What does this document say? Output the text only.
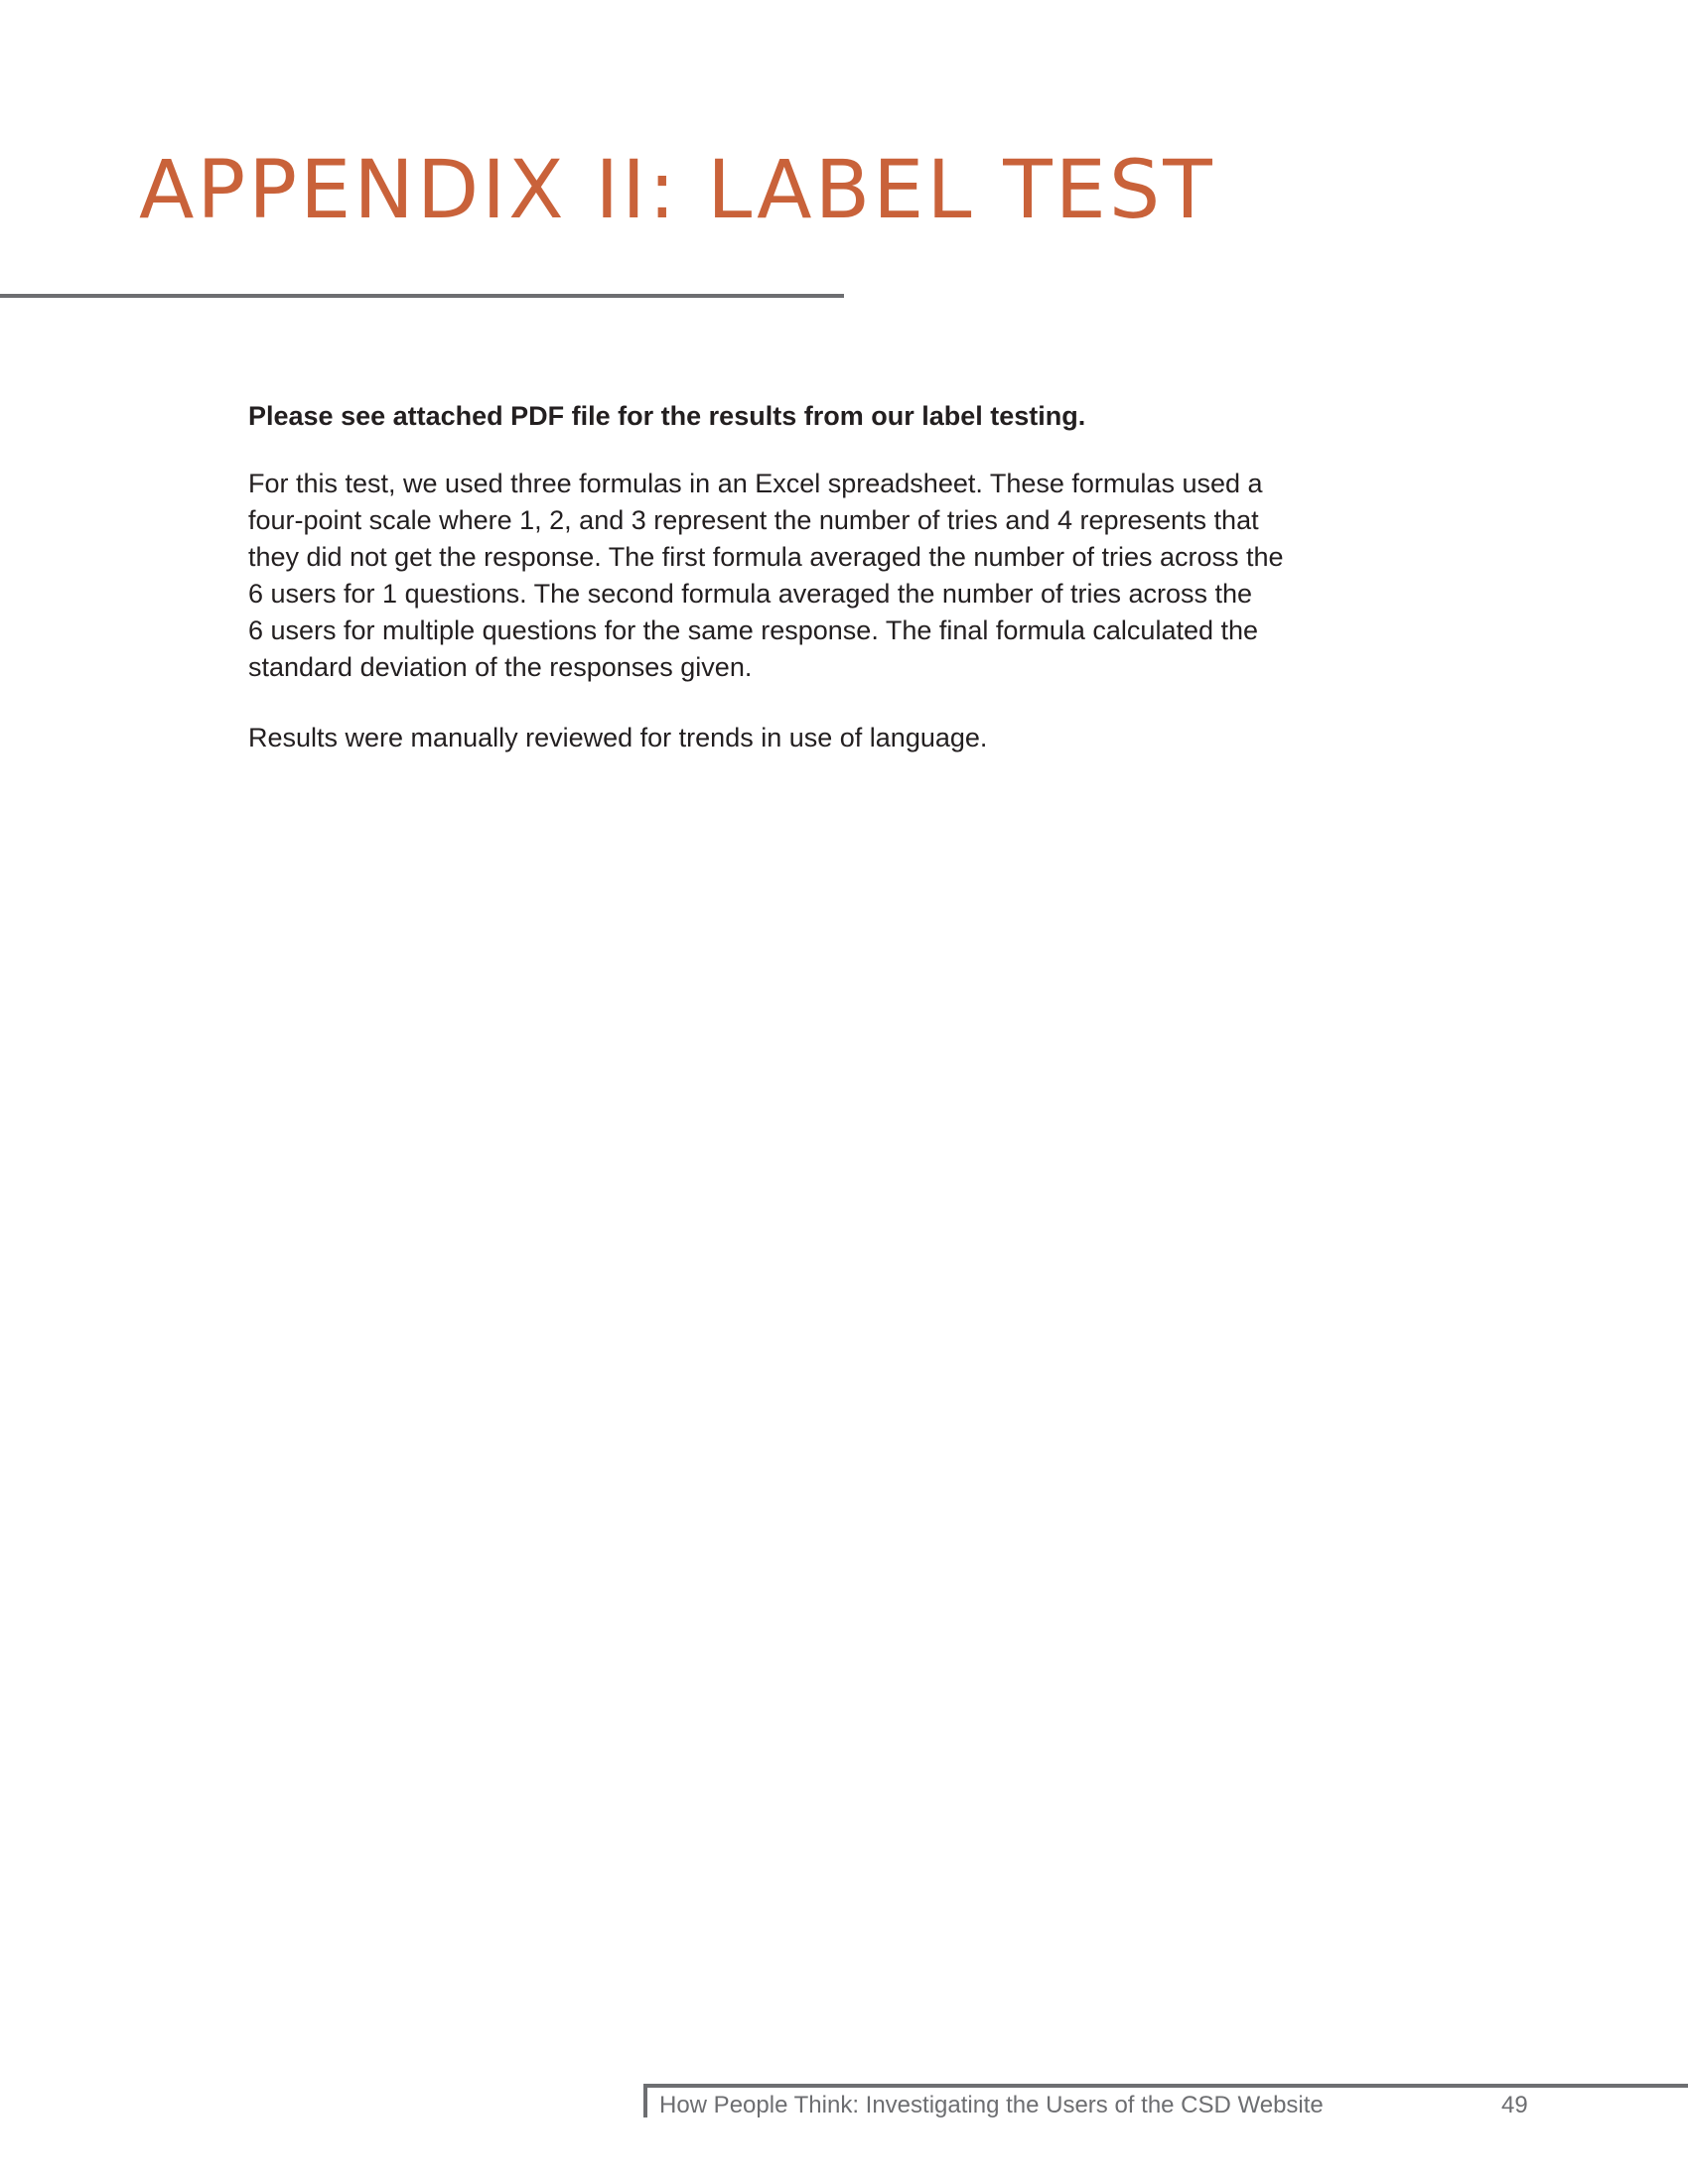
APPENDIX II: LABEL TEST

Please see attached PDF file for the results from our label testing.

For this test, we used three formulas in an Excel spreadsheet. These formulas used a
four-point scale where 1, 2, and 3 represent the number of tries and 4 represents that
they did not get the response. The first formula averaged the number of tries across the
6 users for 1 questions. The second formula averaged the number of tries across the
6 users for multiple questions for the same response. The final formula calculated the
standard deviation of the responses given.

Results were manually reviewed for trends in use of language.

How People Think: Investigating the Users of the CSD Website	49
